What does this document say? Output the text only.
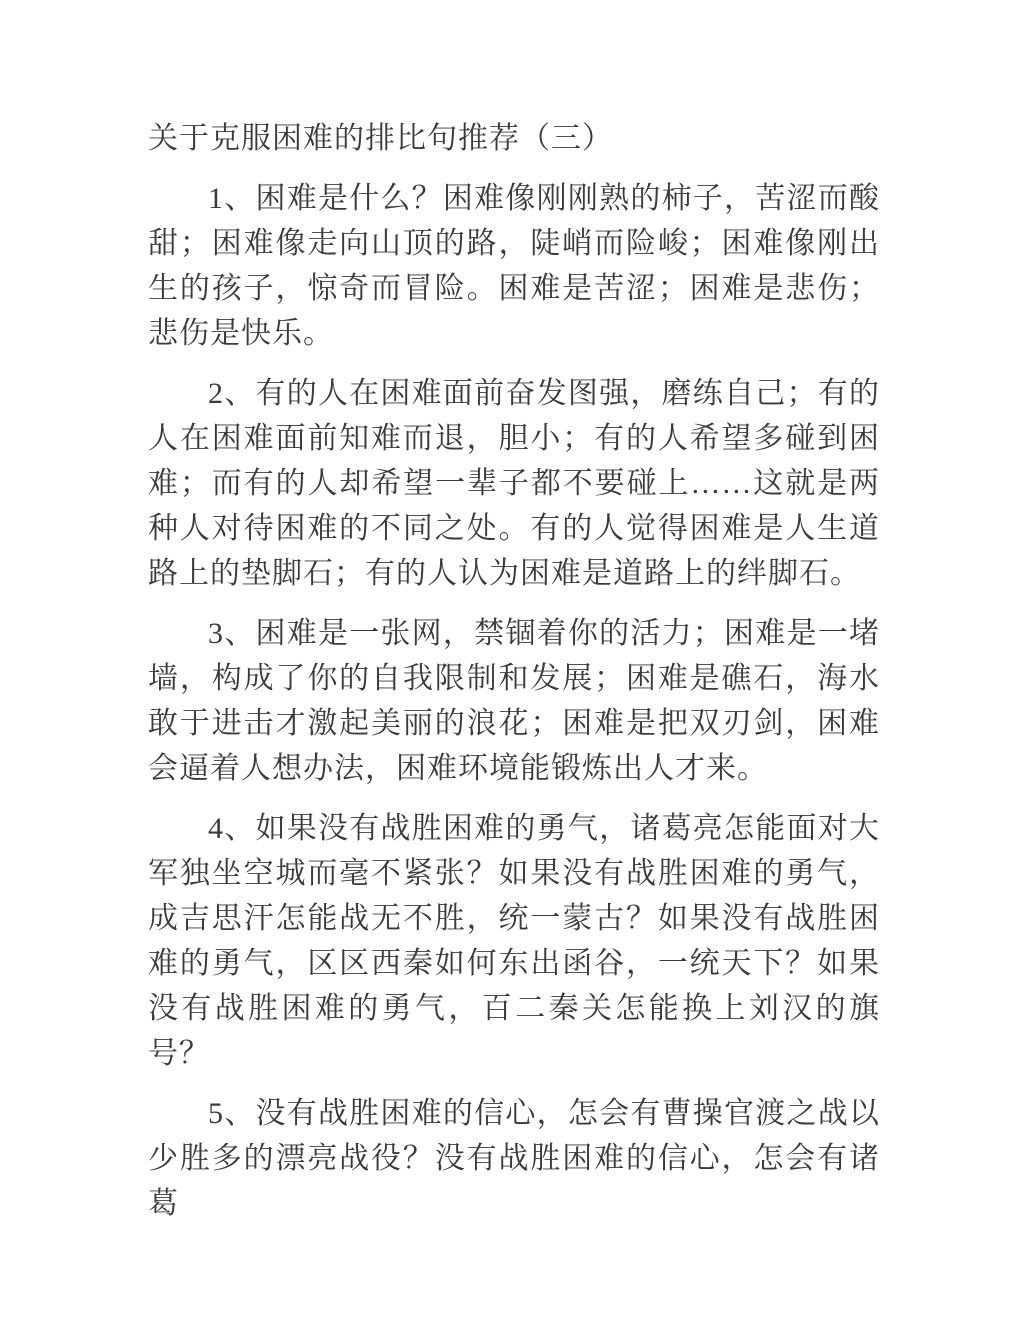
关于克服困难的排比句推荐（三）

1、困难是什么？困难像刚刚熟的柿子，苦涩而酸甜；困难像走向山顶的路，陡峭而险峻；困难像刚出生的孩子，惊奇而冒险。困难是苦涩；困难是悲伤；悲伤是快乐。

2、有的人在困难面前奋发图强，磨练自己；有的人在困难面前知难而退，胆小；有的人希望多碰到困难；而有的人却希望一辈子都不要碰上……这就是两种人对待困难的不同之处。有的人觉得困难是人生道路上的垫脚石；有的人认为困难是道路上的绊脚石。

3、困难是一张网，禁锢着你的活力；困难是一堵墙，构成了你的自我限制和发展；困难是礁石，海水敢于进击才激起美丽的浪花；困难是把双刃剑，困难会逼着人想办法，困难环境能锻炼出人才来。

4、如果没有战胜困难的勇气，诸葛亮怎能面对大军独坐空城而毫不紧张？如果没有战胜困难的勇气，成吉思汗怎能战无不胜，统一蒙古？如果没有战胜困难的勇气，区区西秦如何东出函谷，一统天下？如果没有战胜困难的勇气，百二秦关怎能换上刘汉的旗号？

5、没有战胜困难的信心，怎会有曹操官渡之战以少胜多的漂亮战役？没有战胜困难的信心，怎会有诸葛
